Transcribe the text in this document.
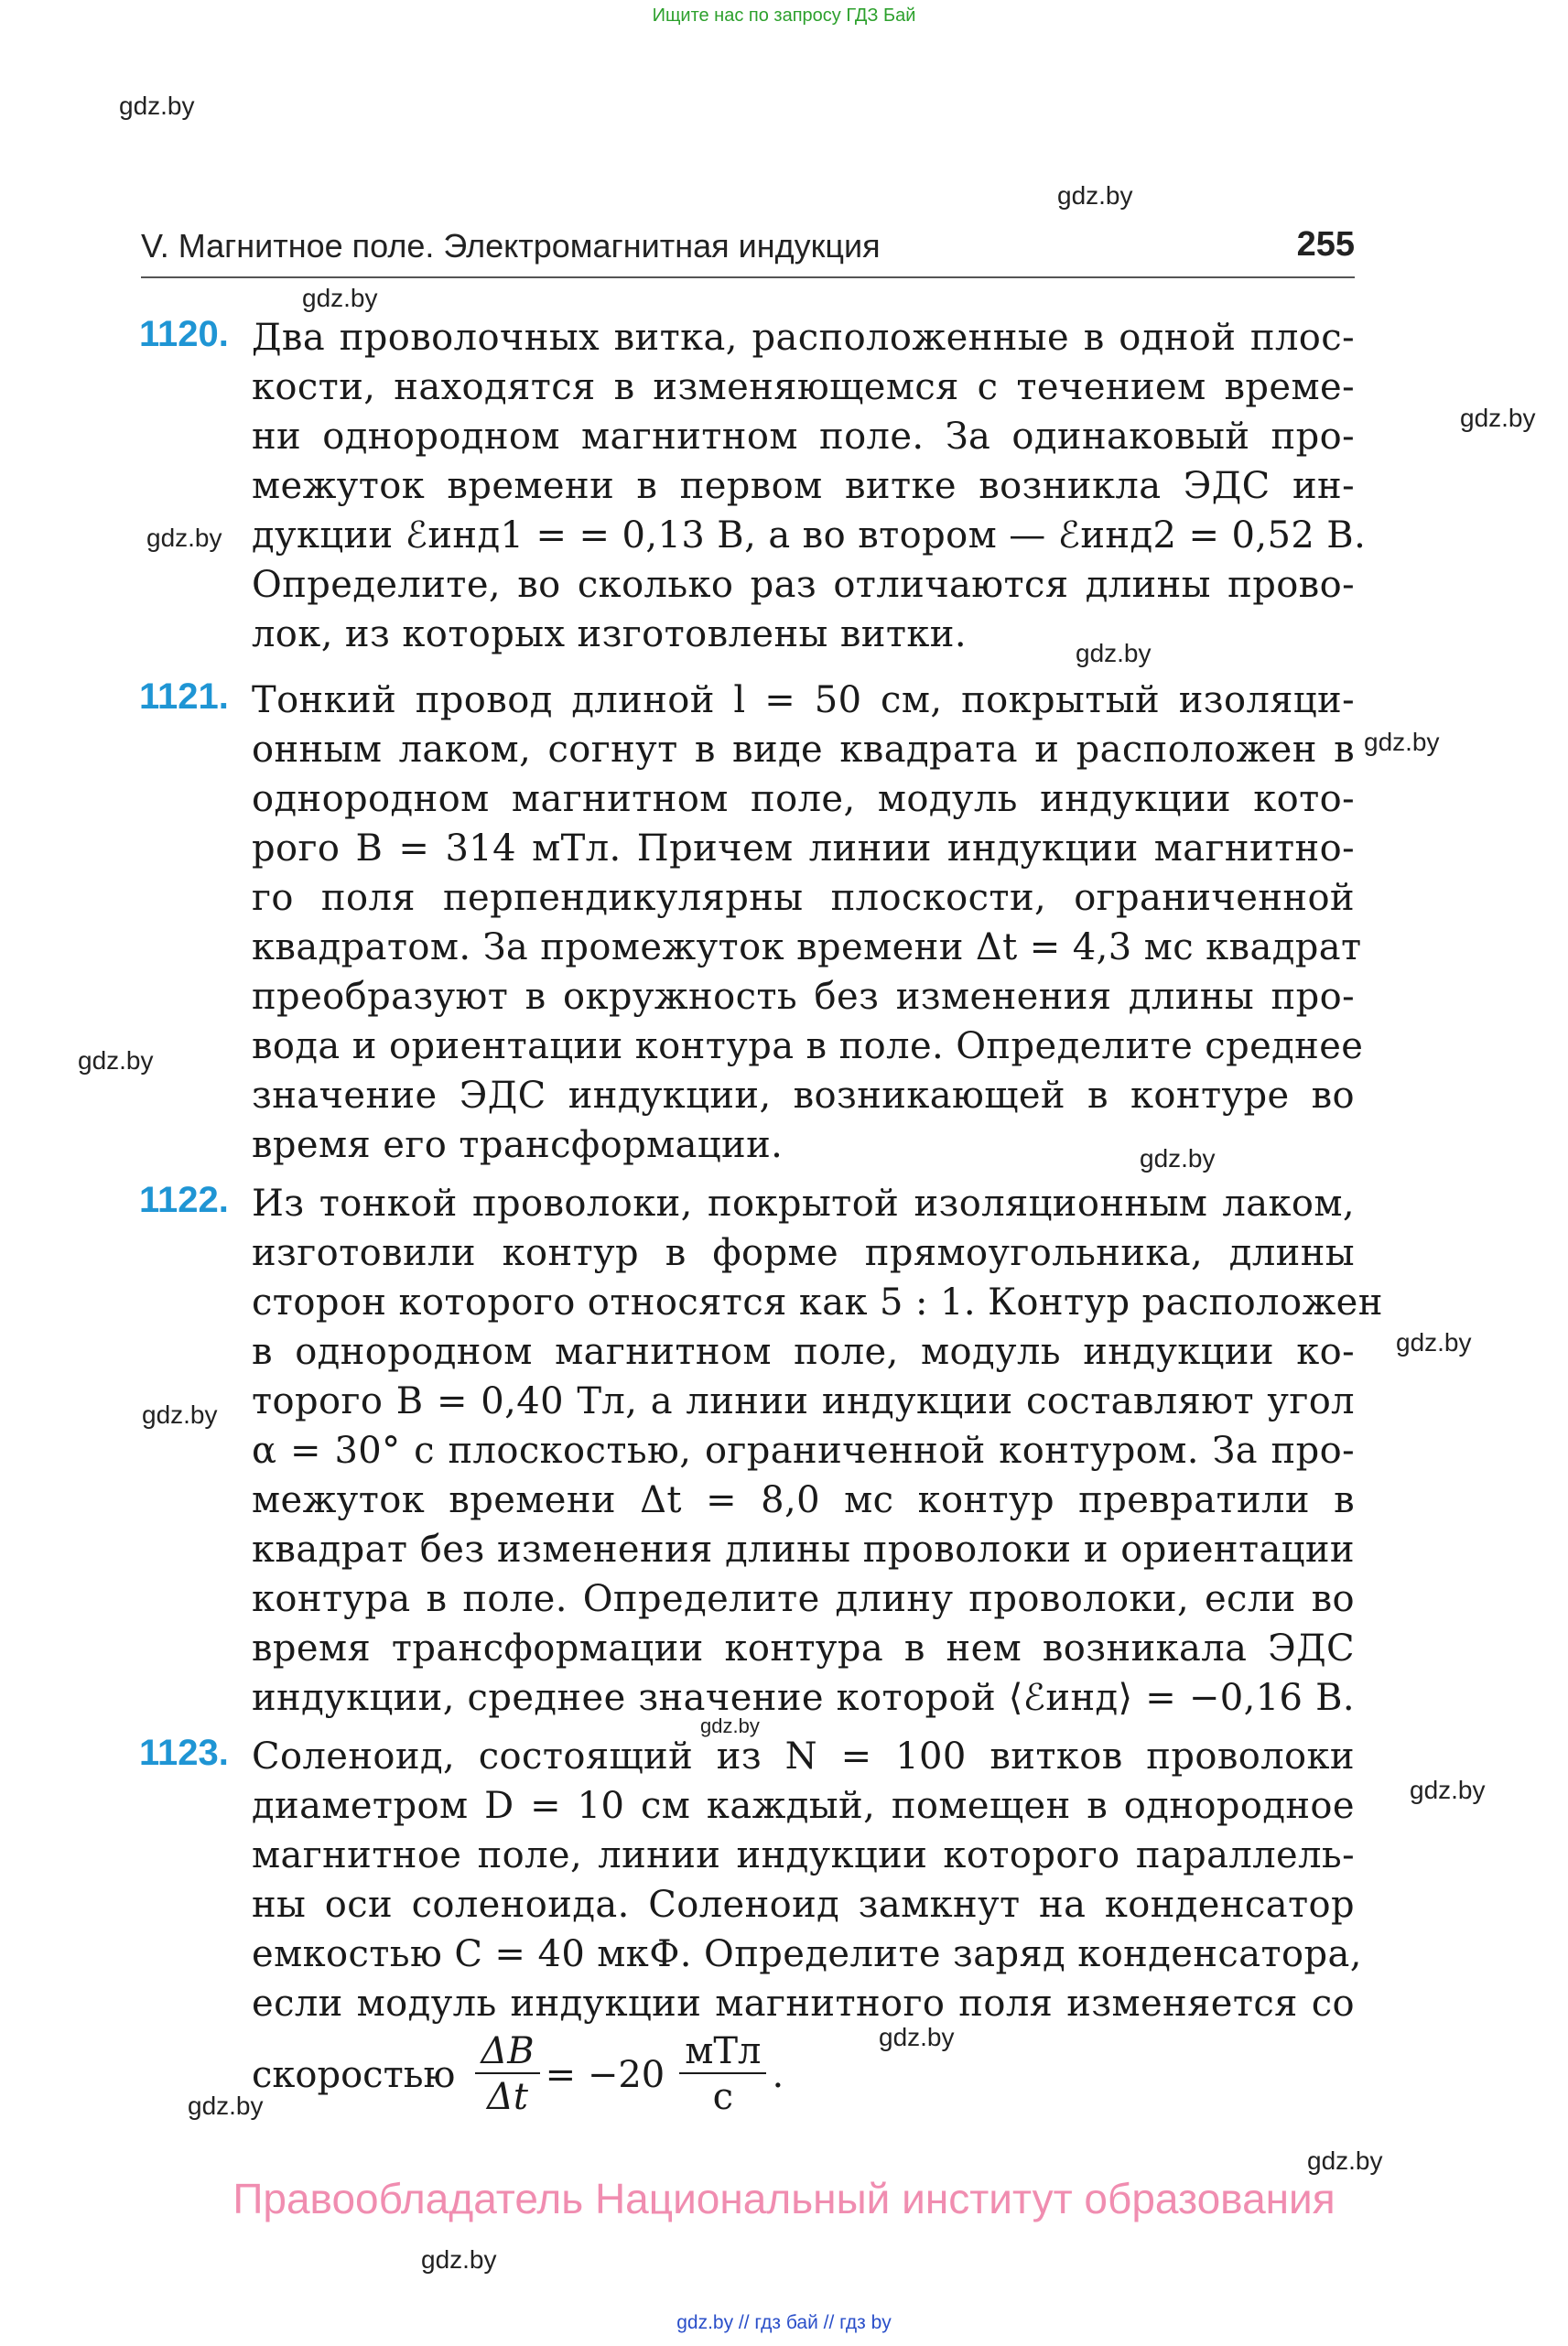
Ищите нас по запросу ГДЗ Бай
gdz.by
gdz.by
gdz.by
gdz.by
gdz.by
gdz.by
gdz.by
gdz.by
gdz.by
gdz.by
gdz.by
gdz.by
gdz.by
gdz.by
gdz.by
gdz.by
gdz.by
V. Магнитное поле. Электромагнитная индукция	255
1120. Два проволочных витка, расположенные в одной плос-
кости, находятся в изменяющемся с течением време-
ни однородном магнитном поле. За одинаковый про-
межуток времени в первом витке возникла ЭДС ин-
дукции ℰинд1 = = 0,13 В, а во втором — ℰинд2 = 0,52 В.
Определите, во сколько раз отличаются длины прово-
лок, из которых изготовлены витки.
1121. Тонкий провод длиной l = 50 см, покрытый изоляци-
онным лаком, согнут в виде квадрата и расположен в
однородном магнитном поле, модуль индукции кото-
рого B = 314 мТл. Причем линии индукции магнитно-
го поля перпендикулярны плоскости, ограниченной
квадратом. За промежуток времени Δt = 4,3 мс квадрат
преобразуют в окружность без изменения длины про-
вода и ориентации контура в поле. Определите среднее
значение ЭДС индукции, возникающей в контуре во
время его трансформации.
1122. Из тонкой проволоки, покрытой изоляционным лаком,
изготовили контур в форме прямоугольника, длины
сторон которого относятся как 5 : 1. Контур расположен
в однородном магнитном поле, модуль индукции ко-
торого B = 0,40 Тл, а линии индукции составляют угол
α = 30° с плоскостью, ограниченной контуром. За про-
межуток времени Δt = 8,0 мс контур превратили в
квадрат без изменения длины проволоки и ориентации
контура в поле. Определите длину проволоки, если во
время трансформации контура в нем возникала ЭДС
индукции, среднее значение которой ⟨ℰинд⟩ = −0,16 В.
1123. Соленоид, состоящий из N = 100 витков проволоки
диаметром D = 10 см каждый, помещен в однородное
магнитное поле, линии индукции которого параллель-
ны оси соленоида. Соленоид замкнут на конденсатор
емкостью C = 40 мкФ. Определите заряд конденсатора,
если модуль индукции магнитного поля изменяется со
скоростью $\frac{\Delta B}{\Delta t} = -20 \frac{\text{мТл}}{с}$ .
Правообладатель Национальный институт образования
gdz.by // гдз бай // гдз by
